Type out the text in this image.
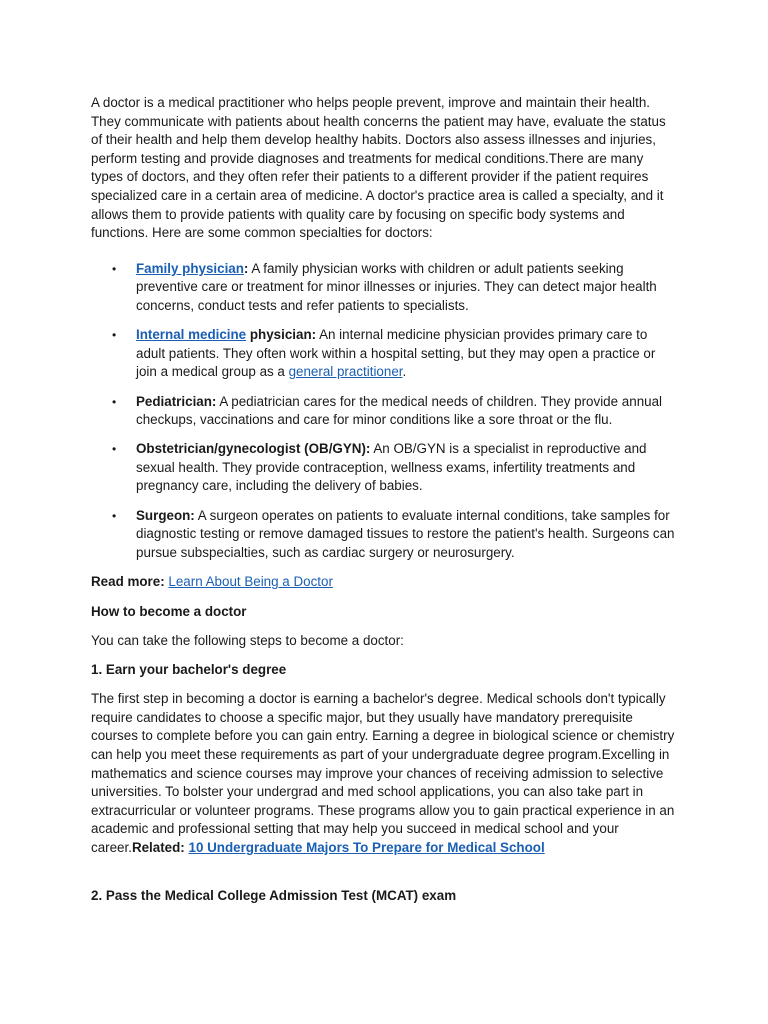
A doctor is a medical practitioner who helps people prevent, improve and maintain their health. They communicate with patients about health concerns the patient may have, evaluate the status of their health and help them develop healthy habits. Doctors also assess illnesses and injuries, perform testing and provide diagnoses and treatments for medical conditions.There are many types of doctors, and they often refer their patients to a different provider if the patient requires specialized care in a certain area of medicine. A doctor's practice area is called a specialty, and it allows them to provide patients with quality care by focusing on specific body systems and functions. Here are some common specialties for doctors:

• Family physician: A family physician works with children or adult patients seeking preventive care or treatment for minor illnesses or injuries. They can detect major health concerns, conduct tests and refer patients to specialists.
• Internal medicine physician: An internal medicine physician provides primary care to adult patients. They often work within a hospital setting, but they may open a practice or join a medical group as a general practitioner.
• Pediatrician: A pediatrician cares for the medical needs of children. They provide annual checkups, vaccinations and care for minor conditions like a sore throat or the flu.
• Obstetrician/gynecologist (OB/GYN): An OB/GYN is a specialist in reproductive and sexual health. They provide contraception, wellness exams, infertility treatments and pregnancy care, including the delivery of babies.
• Surgeon: A surgeon operates on patients to evaluate internal conditions, take samples for diagnostic testing or remove damaged tissues to restore the patient's health. Surgeons can pursue subspecialties, such as cardiac surgery or neurosurgery.

Read more: Learn About Being a Doctor

How to become a doctor

You can take the following steps to become a doctor:

1. Earn your bachelor's degree

The first step in becoming a doctor is earning a bachelor's degree. Medical schools don't typically require candidates to choose a specific major, but they usually have mandatory prerequisite courses to complete before you can gain entry. Earning a degree in biological science or chemistry can help you meet these requirements as part of your undergraduate degree program.Excelling in mathematics and science courses may improve your chances of receiving admission to selective universities. To bolster your undergrad and med school applications, you can also take part in extracurricular or volunteer programs. These programs allow you to gain practical experience in an academic and professional setting that may help you succeed in medical school and your career.Related: 10 Undergraduate Majors To Prepare for Medical School

2. Pass the Medical College Admission Test (MCAT) exam
